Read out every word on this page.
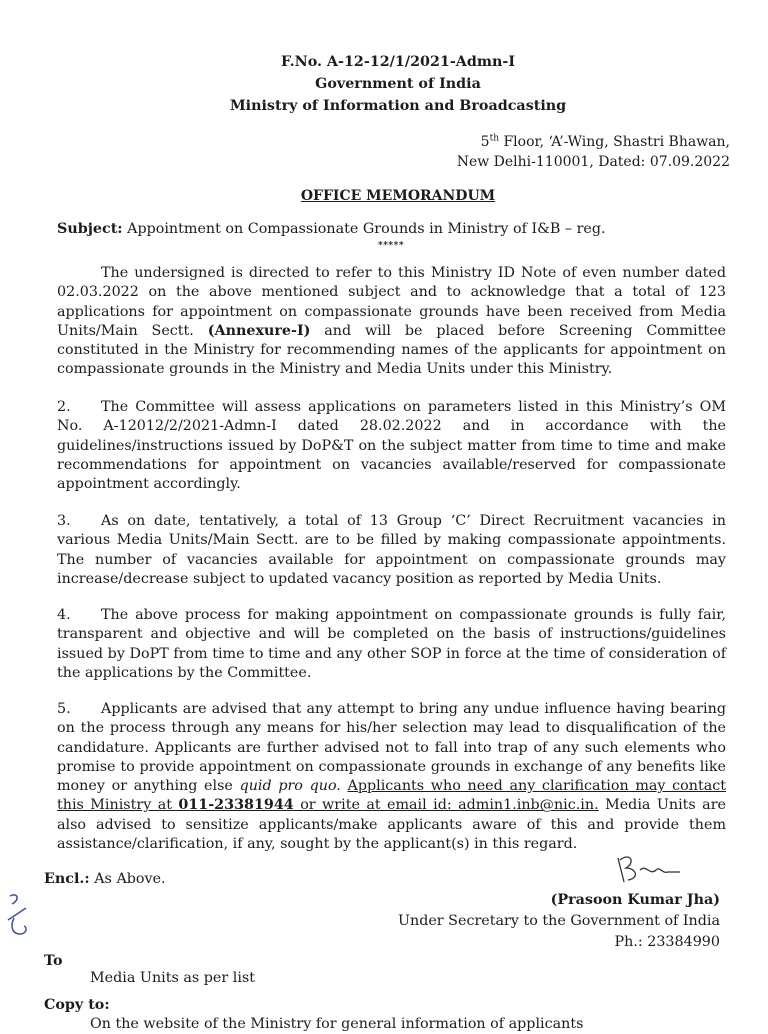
F.No. A-12-12/1/2021-Admn-I
Government of India
Ministry of Information and Broadcasting
5th Floor, ‘A’-Wing, Shastri Bhawan,
New Delhi-110001, Dated: 07.09.2022
OFFICE MEMORANDUM
Subject: Appointment on Compassionate Grounds in Ministry of I&B – reg.
*****
The undersigned is directed to refer to this Ministry ID Note of even number dated 02.03.2022 on the above mentioned subject and to acknowledge that a total of 123 applications for appointment on compassionate grounds have been received from Media Units/Main Sectt. (Annexure-I) and will be placed before Screening Committee constituted in the Ministry for recommending names of the applicants for appointment on compassionate grounds in the Ministry and Media Units under this Ministry.
2. The Committee will assess applications on parameters listed in this Ministry’s OM No. A-12012/2/2021-Admn-I dated 28.02.2022 and in accordance with the guidelines/instructions issued by DoP&T on the subject matter from time to time and make recommendations for appointment on vacancies available/reserved for compassionate appointment accordingly.
3. As on date, tentatively, a total of 13 Group ‘C’ Direct Recruitment vacancies in various Media Units/Main Sectt. are to be filled by making compassionate appointments. The number of vacancies available for appointment on compassionate grounds may increase/decrease subject to updated vacancy position as reported by Media Units.
4. The above process for making appointment on compassionate grounds is fully fair, transparent and objective and will be completed on the basis of instructions/guidelines issued by DoPT from time to time and any other SOP in force at the time of consideration of the applications by the Committee.
5. Applicants are advised that any attempt to bring any undue influence having bearing on the process through any means for his/her selection may lead to disqualification of the candidature. Applicants are further advised not to fall into trap of any such elements who promise to provide appointment on compassionate grounds in exchange of any benefits like money or anything else quid pro quo. Applicants who need any clarification may contact this Ministry at 011-23381944 or write at email id: admin1.inb@nic.in. Media Units are also advised to sensitize applicants/make applicants aware of this and provide them assistance/clarification, if any, sought by the applicant(s) in this regard.
Encl.: As Above.
(Prasoon Kumar Jha)
Under Secretary to the Government of India
Ph.: 23384990
To
Media Units as per list
Copy to:
On the website of the Ministry for general information of applicants
